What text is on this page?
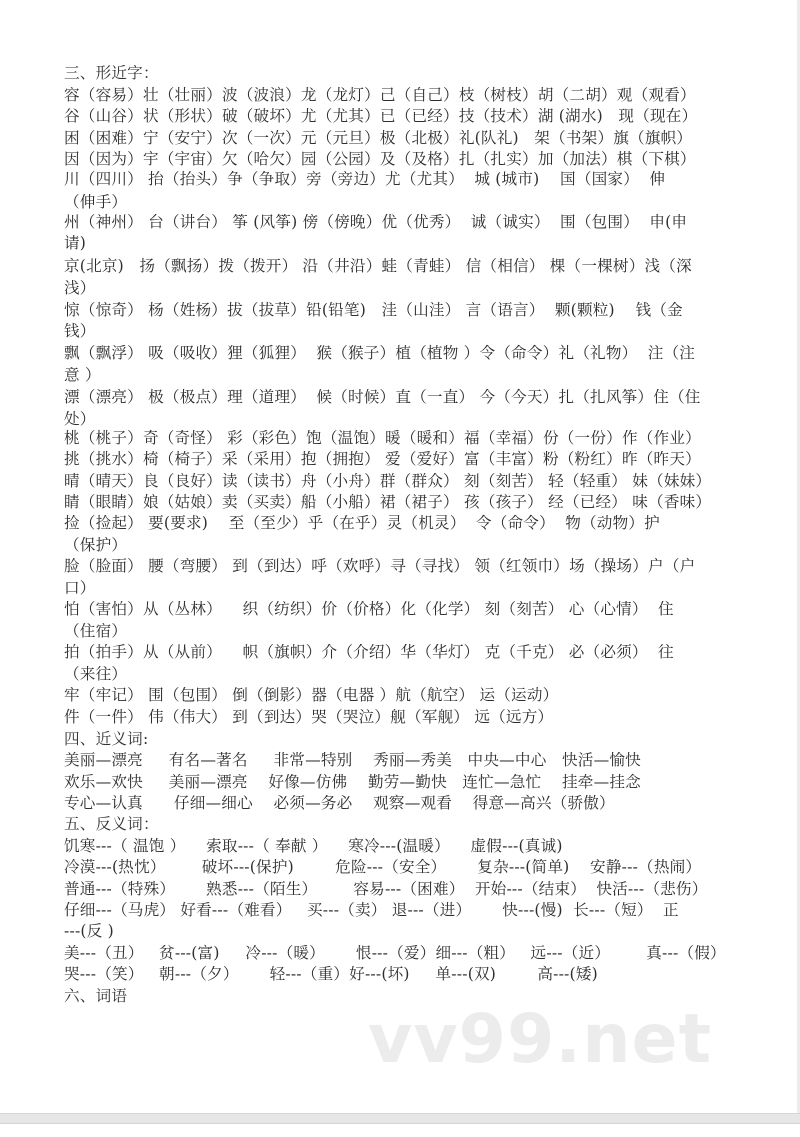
三、形近字：
容（容易）壮（壮丽）波（波浪）龙（龙灯）己（自己）枝（树枝）胡（二胡）观（观看）
谷（山谷）状（形状）破（破坏）尤（尤其）已（已经）技（技术）湖 (湖水)   现（现在）
困（困难）宁（安宁）次（一次）元（元旦）极（北极）礼(队礼)   架（书架）旗（旗帜）
因（因为）宇（宇宙）欠（哈欠）园（公园）及（及格）扎（扎实）加（加法）棋（下棋）
川（四川） 抬（抬头）争（争取）旁（旁边）尤（尤其）  城 (城市)    国（国家）  伸
（伸手）
州（神州） 台（讲台） 筝 (风筝) 傍（傍晚）优（优秀）  诚（诚实）  围（包围）  申(申
请)
京(北京)   扬（飘扬）拨（拨开） 沿（井沿）蛙（青蛙） 信（相信） 棵（一棵树）浅（深
浅）
惊（惊奇） 杨（姓杨）拔（拔草）铅(铅笔)   洼（山洼） 言（语言）  颗(颗粒)    钱（金
钱）
飘（飘浮） 吸（吸收）狸（狐狸）  猴（猴子）植（植物 ）令（命令）礼（礼物）  注（注
意 ）
漂（漂亮） 极（极点）理（道理）  候（时候）直（一直） 今（今天）扎（扎风筝）住（住
处）
桃（桃子）奇（奇怪） 彩（彩色）饱（温饱）暖（暖和）福（幸福）份（一份）作（作业）
挑（挑水）椅（椅子）采（采用）抱（拥抱） 爱（爱好）富（丰富）粉（粉红）昨（昨天）
晴（晴天）良（良好）读（读书）舟（小舟）群（群众） 刻（刻苦） 轻（轻重） 妹（妹妹）
睛（眼睛）娘（姑娘）卖（买卖）船（小船）裙（裙子） 孩（孩子） 经（已经） 味（香味）
捡（捡起） 要(要求)    至（至少）乎（在乎）灵（机灵）  令（命令）  物（动物）护
（保护）
脸（脸面） 腰（弯腰） 到（到达）呼（欢呼）寻（寻找） 领（红领巾）场（操场）户（户
口）
怕（害怕）从（丛林）    织（纺织）价（价格）化（化学） 刻（刻苦） 心（心情）  住
（住宿）
拍（拍手）从（从前）    帜（旗帜）介（介绍）华（华灯） 克（千克） 必（必须）  往
（来往）
牢（牢记） 围（包围） 倒（倒影）器（电器 ）航（航空） 运（运动）
件（一件） 伟（伟大） 到（到达）哭（哭泣）舰（军舰） 远（远方）
四、近义词:
美丽—漂亮     有名—著名     非常—特别    秀丽—秀美   中央—中心   快活—愉快
欢乐—欢快     美丽—漂亮    好像—仿佛    勤劳—勤快   连忙—急忙    挂牵—挂念
专心—认真      仔细—细心    必须—务必    观察—观看    得意—高兴（骄傲）
五、反义词：
饥寒---（ 温饱 ）    索取---（ 奉献 ）    寒冷---(温暖）    虚假---(真诚)
冷漠---(热忱）       破坏---(保护)        危险---（安全）      复杂---(简单)    安静---（热闹）
普通---（特殊）      熟悉---（陌生）       容易---（困难）  开始---（结束）  快活---（悲伤）
仔细---（马虎） 好看---（难看）   买---（卖） 退---（进）      快---(慢)  长---（短）  正
---(反 )
美---（丑）   贫---(富)     冷---（暖）      恨---（爱）细---（粗）   远---（近）       真---（假）
哭---（笑）   朝---（夕）      轻---（重）好---(坏)     单---(双)        高---(矮)
六、词语
vv99.net
